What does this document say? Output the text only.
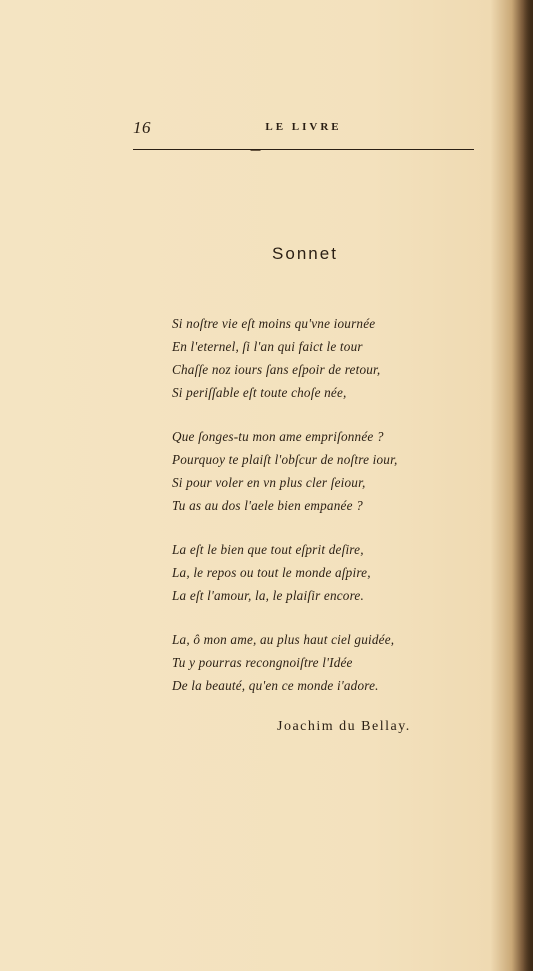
16	LE LIVRE
Sonnet
Si noſtre vie eſt moins qu'vne iournée
En l'eternel, ſi l'an qui faict le tour
Chaſſe noz iours ſans eſpoir de retour,
Si periſſable eſt toute choſe née,
Que ſonges-tu mon ame empriſonnée ?
Pourquoy te plaiſt l'obſcur de noſtre iour,
Si pour voler en vn plus cler ſeiour,
Tu as au dos l'aele bien empanée ?
La eſt le bien que tout eſprit deſire,
La, le repos ou tout le monde aſpire,
La eſt l'amour, la, le plaiſir encore.
La, ô mon ame, au plus haut ciel guidée,
Tu y pourras recongnoiſtre l'Idée
De la beauté, qu'en ce monde i'adore.
Joachim du Bellay.
